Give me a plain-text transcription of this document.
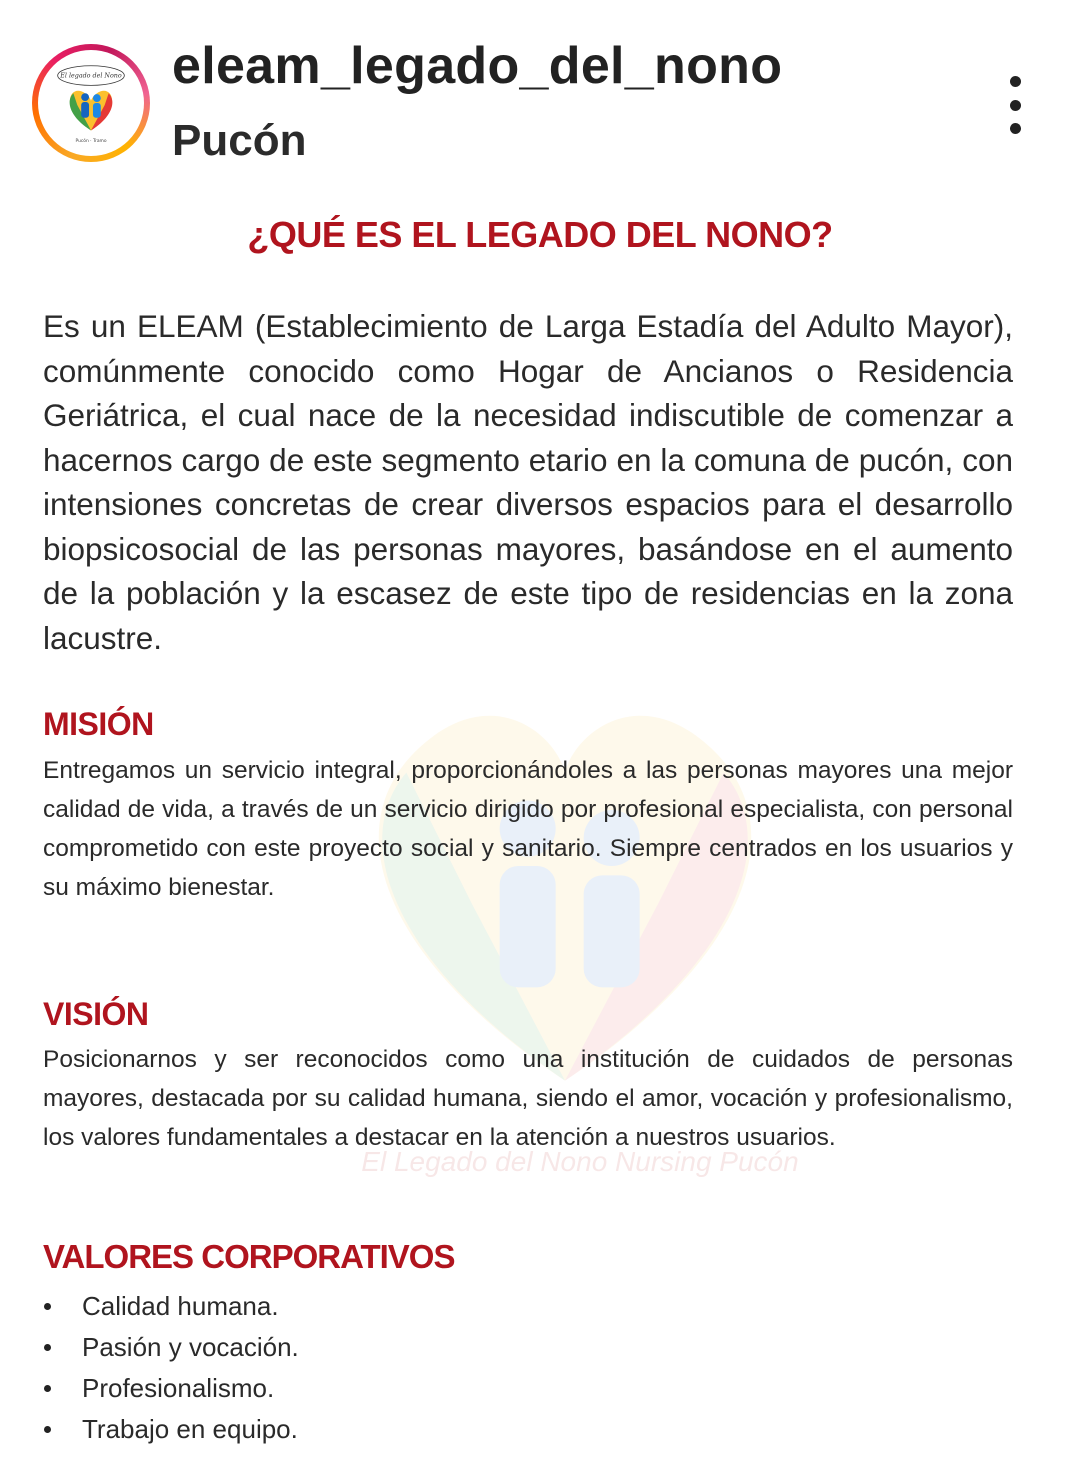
El legado del Nono
Pucón · Tramo
eleam_legado_del_nono
Pucón
El Legado del Nono Nursing Pucón
¿QUÉ ES EL LEGADO DEL NONO?
Es un ELEAM (Establecimiento de Larga Estadía del Adulto Mayor), comúnmente conocido como Hogar de Ancianos o Residencia Geriátrica, el cual nace de la necesidad indiscutible de comenzar a hacernos cargo de este segmento etario en la comuna de pucón, con intensiones concretas de crear diversos espacios para el desarrollo biopsicosocial de las personas mayores, basándose en el aumento de la población y la escasez de este tipo de residencias en la zona lacustre.
MISIÓN
Entregamos un servicio integral, proporcionándoles a las personas mayores una mejor calidad de vida, a través de un servicio dirigido por profesional especialista, con personal comprometido con este proyecto social y sanitario. Siempre centrados en los usuarios y su máximo bienestar.
VISIÓN
Posicionarnos y ser reconocidos como una institución de cuidados de personas mayores, destacada por su calidad humana, siendo el amor, vocación y profesionalismo, los valores fundamentales a destacar en la atención a nuestros usuarios.
VALORES CORPORATIVOS
Calidad humana.
Pasión y vocación.
Profesionalismo.
Trabajo en equipo.
